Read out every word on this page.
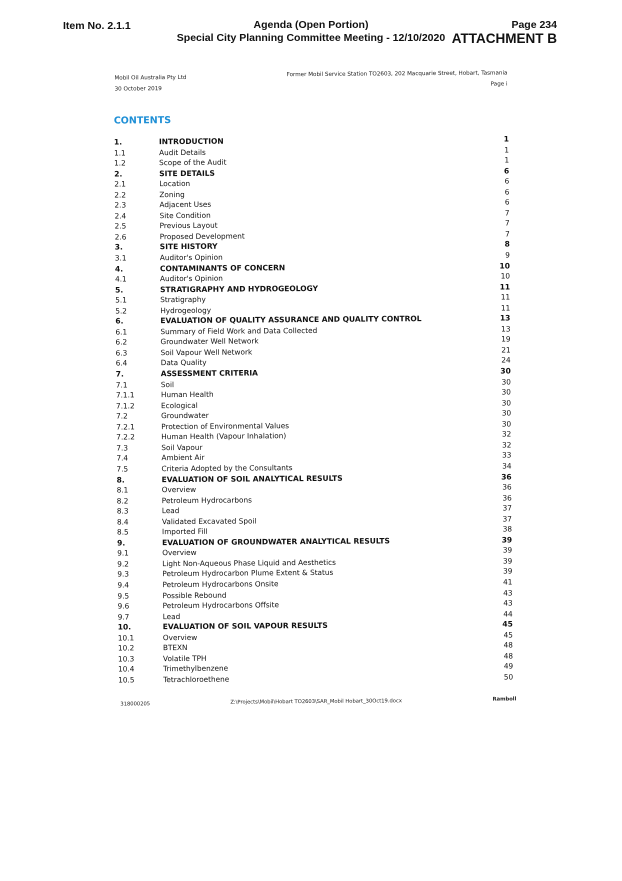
Item No. 2.1.1	Agenda (Open Portion)
Special City Planning Committee Meeting - 12/10/2020
Page 234
ATTACHMENT B
Mobil Oil Australia Pty Ltd
30 October 2019
Former Mobil Service Station TO2603, 202 Macquarie Street, Hobart, Tasmania
Page i
CONTENTS
1.	INTRODUCTION	1
1.1	Audit Details	1
1.2	Scope of the Audit	1
2.	SITE DETAILS	6
2.1	Location	6
2.2	Zoning	6
2.3	Adjacent Uses	6
2.4	Site Condition	7
2.5	Previous Layout	7
2.6	Proposed Development	7
3.	SITE HISTORY	8
3.1	Auditor's Opinion	9
4.	CONTAMINANTS OF CONCERN	10
4.1	Auditor's Opinion	10
5.	STRATIGRAPHY AND HYDROGEOLOGY	11
5.1	Stratigraphy	11
5.2	Hydrogeology	11
6.	EVALUATION OF QUALITY ASSURANCE AND QUALITY CONTROL	13
6.1	Summary of Field Work and Data Collected	13
6.2	Groundwater Well Network	19
6.3	Soil Vapour Well Network	21
6.4	Data Quality	24
7.	ASSESSMENT CRITERIA	30
7.1	Soil	30
7.1.1	Human Health	30
7.1.2	Ecological	30
7.2	Groundwater	30
7.2.1	Protection of Environmental Values	30
7.2.2	Human Health (Vapour Inhalation)	32
7.3	Soil Vapour	32
7.4	Ambient Air	33
7.5	Criteria Adopted by the Consultants	34
8.	EVALUATION OF SOIL ANALYTICAL RESULTS	36
8.1	Overview	36
8.2	Petroleum Hydrocarbons	36
8.3	Lead	37
8.4	Validated Excavated Spoil	37
8.5	Imported Fill	38
9.	EVALUATION OF GROUNDWATER ANALYTICAL RESULTS	39
9.1	Overview	39
9.2	Light Non-Aqueous Phase Liquid and Aesthetics	39
9.3	Petroleum Hydrocarbon Plume Extent & Status	39
9.4	Petroleum Hydrocarbons Onsite	41
9.5	Possible Rebound	43
9.6	Petroleum Hydrocarbons Offsite	43
9.7	Lead	44
10.	EVALUATION OF SOIL VAPOUR RESULTS	45
10.1	Overview	45
10.2	BTEXN	48
10.3	Volatile TPH	48
10.4	Trimethylbenzene	49
10.5	Tetrachloroethene	50
318000205	Z:\Projects\Mobil\Hobart TO2603\SAR_Mobil Hobart_30Oct19.docx	Ramboll
